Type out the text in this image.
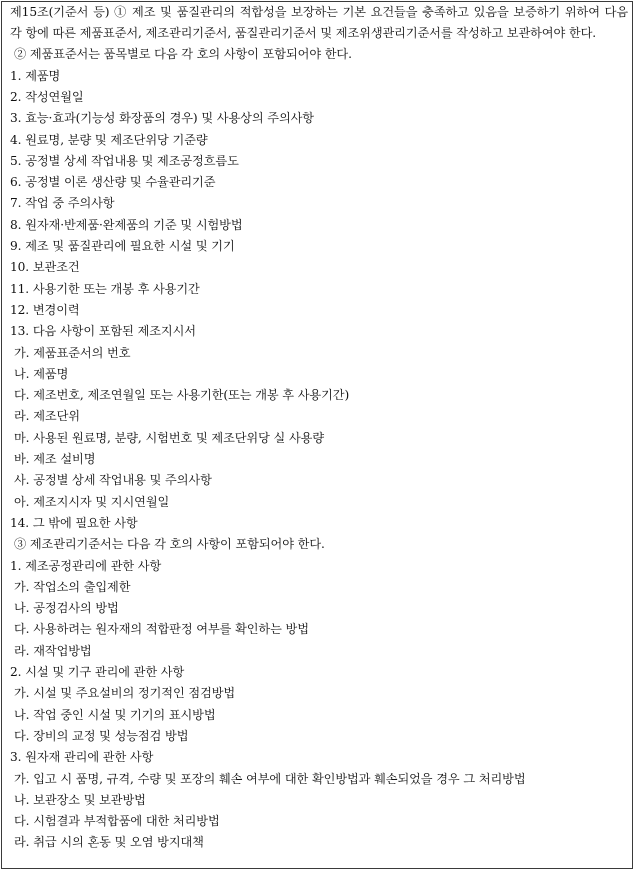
제15조(기준서 등) ① 제조 및 품질관리의 적합성을 보장하는 기본 요건들을 충족하고 있음을 보증하기 위하여 다음 각 항에 따른 제품표준서, 제조관리기준서, 품질관리기준서 및 제조위생관리기준서를 작성하고 보관하여야 한다.

② 제품표준서는 품목별로 다음 각 호의 사항이 포함되어야 한다.

1. 제품명

2. 작성연월일

3. 효능·효과(기능성 화장품의 경우) 및 사용상의 주의사항

4. 원료명, 분량 및 제조단위당 기준량

5. 공정별 상세 작업내용 및 제조공정흐름도

6. 공정별 이론 생산량 및 수율관리기준

7. 작업 중 주의사항

8. 원자재·반제품·완제품의 기준 및 시험방법

9. 제조 및 품질관리에 필요한 시설 및 기기

10. 보관조건

11. 사용기한 또는 개봉 후 사용기간

12. 변경이력

13. 다음 사항이 포함된 제조지시서

가. 제품표준서의 번호

나. 제품명

다. 제조번호, 제조연월일 또는 사용기한(또는 개봉 후 사용기간)

라. 제조단위

마. 사용된 원료명, 분량, 시험번호 및 제조단위당 실 사용량

바. 제조 설비명

사. 공정별 상세 작업내용 및 주의사항

아. 제조지시자 및 지시연월일

14. 그 밖에 필요한 사항

③ 제조관리기준서는 다음 각 호의 사항이 포함되어야 한다.

1. 제조공정관리에 관한 사항

가. 작업소의 출입제한

나. 공정검사의 방법

다. 사용하려는 원자재의 적합판정 여부를 확인하는 방법

라. 재작업방법

2. 시설 및 기구 관리에 관한 사항

가. 시설 및 주요설비의 정기적인 점검방법

나. 작업 중인 시설 및 기기의 표시방법

다. 장비의 교정 및 성능점검 방법

3. 원자재 관리에 관한 사항

가. 입고 시 품명, 규격, 수량 및 포장의 훼손 여부에 대한 확인방법과 훼손되었을 경우 그 처리방법

나. 보관장소 및 보관방법

다. 시험결과 부적합품에 대한 처리방법

라. 취급 시의 혼동 및 오염 방지대책
